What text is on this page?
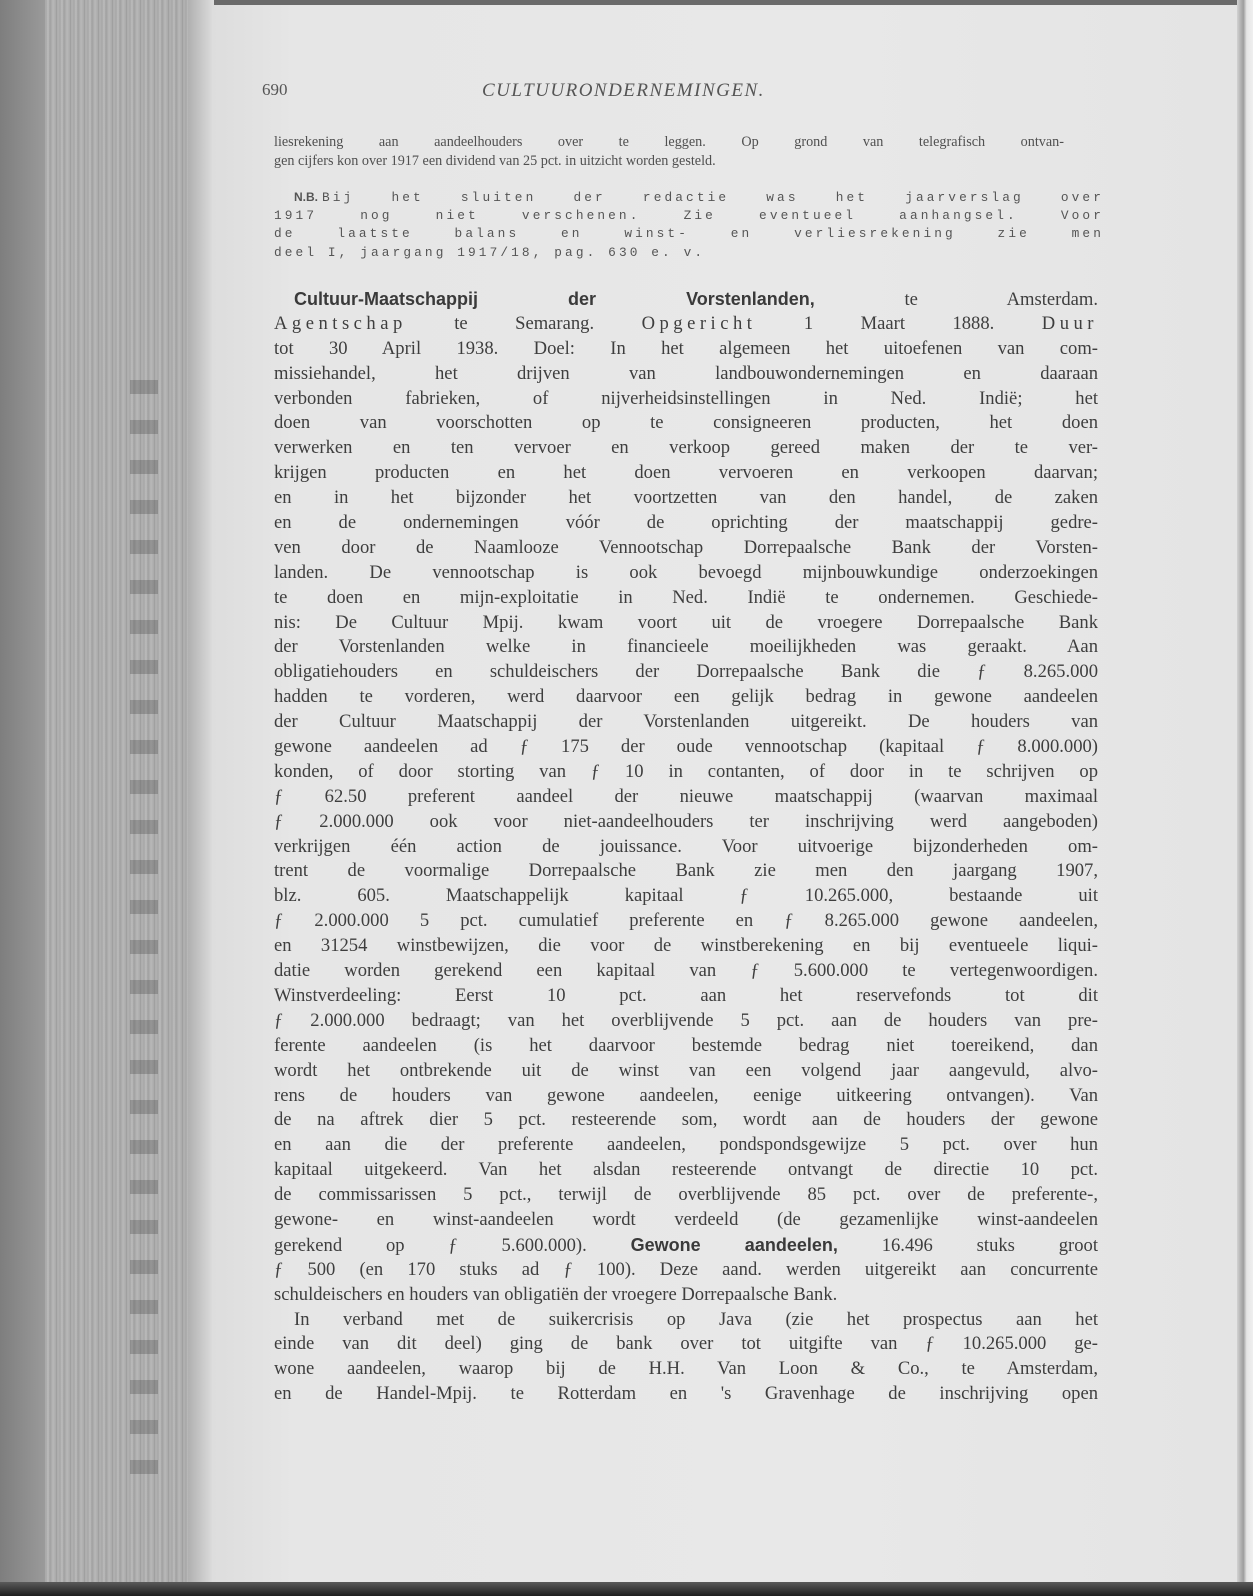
690	CULTUURONDERNEMINGEN.
liesrekening aan aandeelhouders over te leggen. Op grond van telegrafisch ontvan-
gen cijfers kon over 1917 een dividend van 25 pct. in uitzicht worden gesteld.
N.B. Bij het sluiten der redactie was het jaarverslag over
1917 nog niet verschenen. Zie eventueel aanhangsel. Voor
de laatste balans en winst- en verliesrekening zie men
deel I, jaargang 1917/18, pag. 630 e. v.
Cultuur-Maatschappij der Vorstenlanden,	te Amsterdam.
Agentschap	te Semarang.	Opgericht	1 Maart 1888.	Duur
tot 30 April 1938. Doel: In het algemeen het uitoefenen van com-
missiehandel, het drijven van landbouwondernemingen en daaraan
verbonden fabrieken, of nijverheidsinstellingen in Ned. Indië; het
doen van voorschotten op te consigneeren producten, het doen
verwerken en ten vervoer en verkoop gereed maken der te ver-
krijgen producten en het doen vervoeren en verkoopen daarvan;
en in het bijzonder het voortzetten van den handel, de zaken
en de ondernemingen vóór de oprichting der maatschappij gedre-
ven door de Naamlooze Vennootschap Dorrepaalsche Bank der Vorsten-
landen. De vennootschap is ook bevoegd mijnbouwkundige onderzoekingen
te doen en mijn-exploitatie in Ned. Indië te ondernemen. Geschiede-
nis: De Cultuur Mpij. kwam voort uit de vroegere Dorrepaalsche Bank
der Vorstenlanden welke in financieele moeilijkheden was geraakt. Aan
obligatiehouders en schuldeischers der Dorrepaalsche Bank die ƒ 8.265.000
hadden te vorderen, werd daarvoor een gelijk bedrag in gewone aandeelen
der Cultuur Maatschappij der Vorstenlanden uitgereikt. De houders van
gewone aandeelen ad ƒ 175 der oude vennootschap (kapitaal ƒ 8.000.000)
konden, of door storting van ƒ 10 in contanten, of door in te schrijven op
ƒ 62.50 preferent aandeel der nieuwe maatschappij (waarvan maximaal
ƒ 2.000.000 ook voor niet-aandeelhouders ter inschrijving werd aangeboden)
verkrijgen één action de jouissance. Voor uitvoerige bijzonderheden om-
trent de voormalige Dorrepaalsche Bank zie men den jaargang 1907,
blz. 605. Maatschappelijk kapitaal ƒ 10.265.000, bestaande uit
ƒ 2.000.000 5 pct. cumulatief preferente en ƒ 8.265.000 gewone aandeelen,
en 31254 winstbewijzen, die voor de winstberekening en bij eventueele liqui-
datie worden gerekend een kapitaal van ƒ 5.600.000 te vertegenwoordigen.
Winstverdeeling: Eerst 10 pct. aan het reservefonds tot dit
ƒ 2.000.000 bedraagt; van het overblijvende 5 pct. aan de houders van pre-
ferente aandeelen (is het daarvoor bestemde bedrag niet toereikend, dan
wordt het ontbrekende uit de winst van een volgend jaar aangevuld, alvo-
rens de houders van gewone aandeelen, eenige uitkeering ontvangen). Van
de na aftrek dier 5 pct. resteerende som, wordt aan de houders der gewone
en aan die der preferente aandeelen, pondspondsgewijze 5 pct. over hun
kapitaal uitgekeerd. Van het alsdan resteerende ontvangt de directie 10 pct.
de commissarissen 5 pct., terwijl de overblijvende 85 pct. over de preferente-,
gewone- en winst-aandeelen wordt verdeeld (de gezamenlijke winst-aandeelen
gerekend op ƒ 5.600.000). Gewone aandeelen, 16.496 stuks groot
ƒ 500 (en 170 stuks ad ƒ 100). Deze aand. werden uitgereikt aan concurrente
schuldeischers en houders van obligatiën der vroegere Dorrepaalsche Bank.
In verband met de suikercrisis op Java (zie het prospectus aan het
einde van dit deel) ging de bank over tot uitgifte van ƒ 10.265.000 ge-
wone aandeelen, waarop bij de H.H. Van Loon & Co., te Amsterdam,
en de Handel-Mpij. te Rotterdam en 's Gravenhage de inschrijving open
